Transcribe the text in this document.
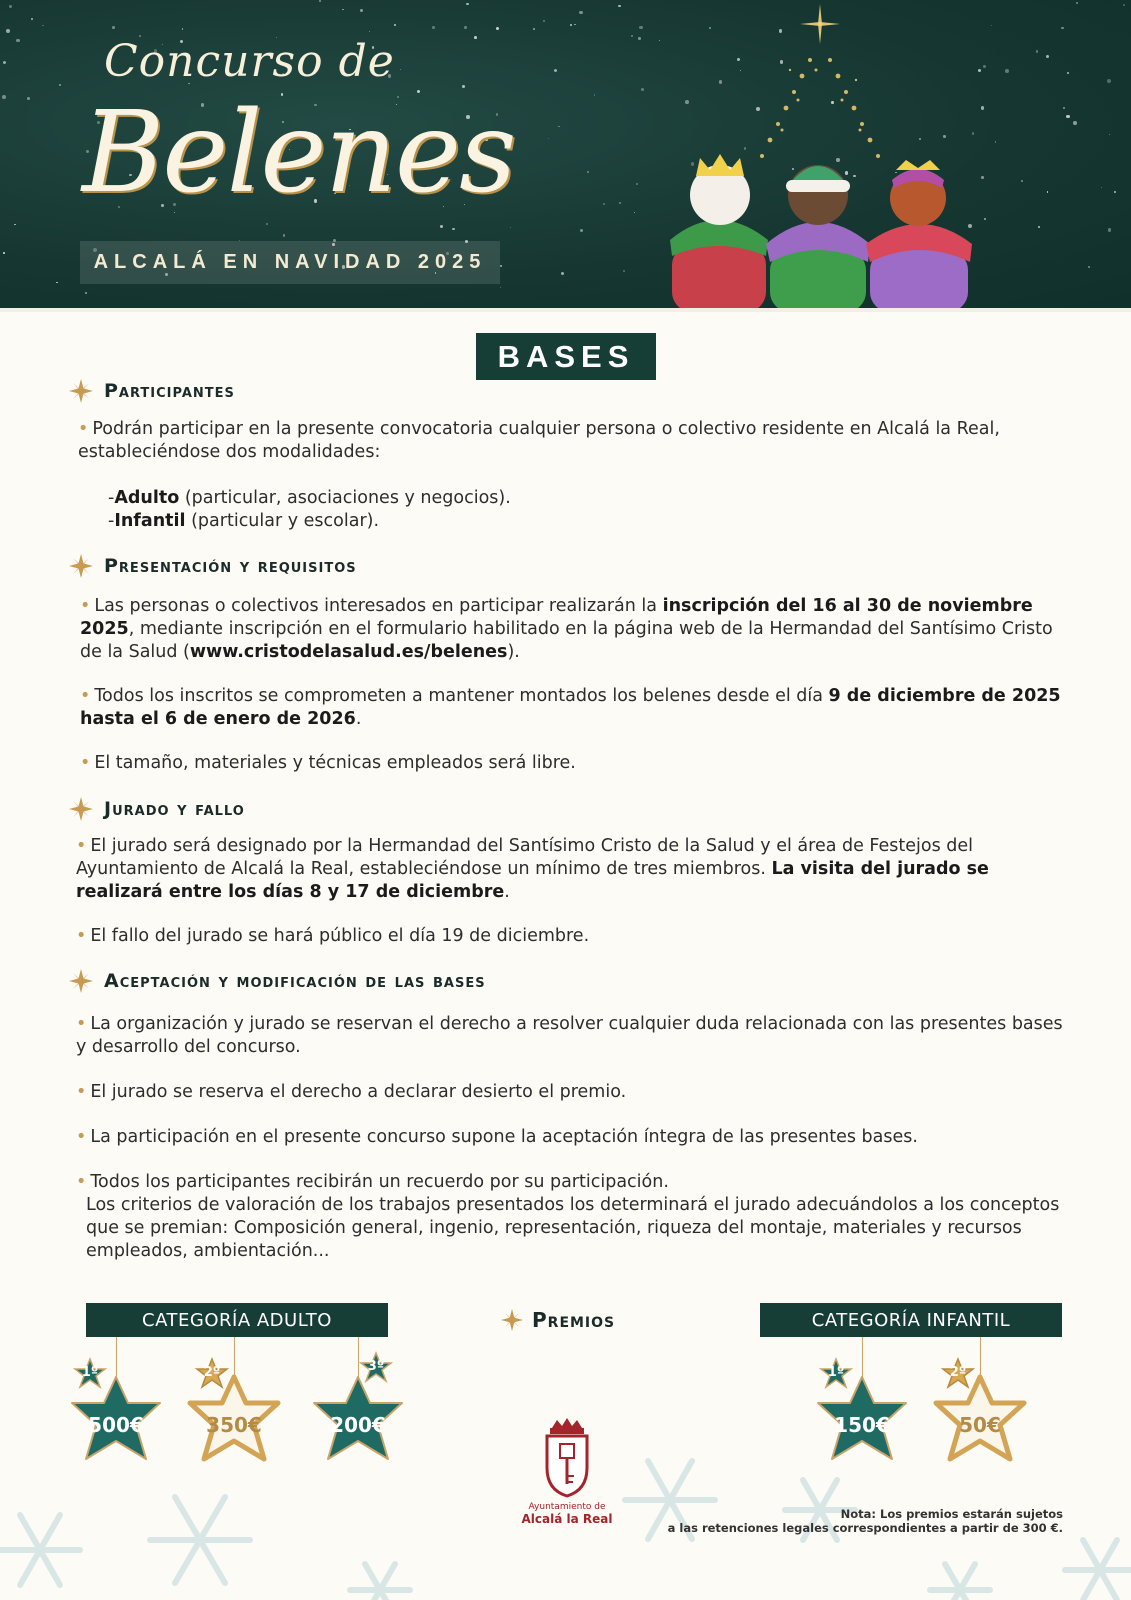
Concurso de
Belenes
ALCALÁ EN NAVIDAD 2025
BASES
Participantes
• Podrán participar en la presente convocatoria cualquier persona o colectivo residente en Alcalá la Real, estableciéndose dos modalidades:
-Adulto (particular, asociaciones y negocios).
-Infantil (particular y escolar).
Presentación y requisitos
• Las personas o colectivos interesados en participar realizarán la inscripción del 16 al 30 de noviembre 2025, mediante inscripción en el formulario habilitado en la página web de la Hermandad del Santísimo Cristo de la Salud (www.cristodelasalud.es/belenes).
• Todos los inscritos se comprometen a mantener montados los belenes desde el día 9 de diciembre de 2025 hasta el 6 de enero de 2026.
• El tamaño, materiales y técnicas empleados será libre.
Jurado y fallo
• El jurado será designado por la Hermandad del Santísimo Cristo de la Salud y el área de Festejos del Ayuntamiento de Alcalá la Real, estableciéndose un mínimo de tres miembros. La visita del jurado se realizará entre los días 8 y 17 de diciembre.
• El fallo del jurado se hará público el día 19 de diciembre.
Aceptación y modificación de las bases
• La organización y jurado se reservan el derecho a resolver cualquier duda relacionada con las presentes bases y desarrollo del concurso.
• El jurado se reserva el derecho a declarar desierto el premio.
• La participación en el presente concurso supone la aceptación íntegra de las presentes bases.
• Todos los participantes recibirán un recuerdo por su participación.
Los criterios de valoración de los trabajos presentados los determinará el jurado adecuándolos a los conceptos que se premian: Composición general, ingenio, representación, riqueza del montaje, materiales y recursos empleados, ambientación...
CATEGORÍA ADULTO	CATEGORÍA INFANTIL
Premios
1º
500€
2º
350€
3º
200€
1º
150€
2º
50€
Ayuntamiento de
Alcalá la Real	Nota: Los premios estarán sujetos
a las retenciones legales correspondientes a partir de 300 €.
